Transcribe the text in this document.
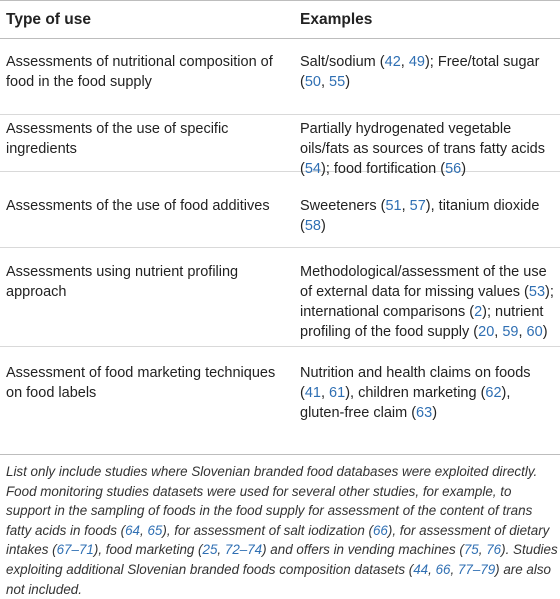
Type of use	Examples
Assessments of nutritional composition of food in the food supply
Salt/sodium (42, 49); Free/total sugar (50, 55)
Assessments of the use of specific ingredients
Partially hydrogenated vegetable oils/fats as sources of trans fatty acids (54); food fortification (56)
Assessments of the use of food additives	Sweeteners (51, 57), titanium dioxide (58)
Assessments using nutrient profiling approach
Methodological/assessment of the use of external data for missing values (53); international comparisons (2); nutrient profiling of the food supply (20, 59, 60)
Assessment of food marketing techniques on food labels
Nutrition and health claims on foods (41, 61), children marketing (62), gluten-free claim (63)
List only include studies where Slovenian branded food databases were exploited directly. Food monitoring studies datasets were used for several other studies, for example, to support in the sampling of foods in the food supply for assessment of the content of trans fatty acids in foods (64, 65), for assessment of salt iodization (66), for assessment of dietary intakes (67–71), food marketing (25, 72–74) and offers in vending machines (75, 76). Studies exploiting additional Slovenian branded foods composition datasets (44, 66, 77–79) are also not included.
